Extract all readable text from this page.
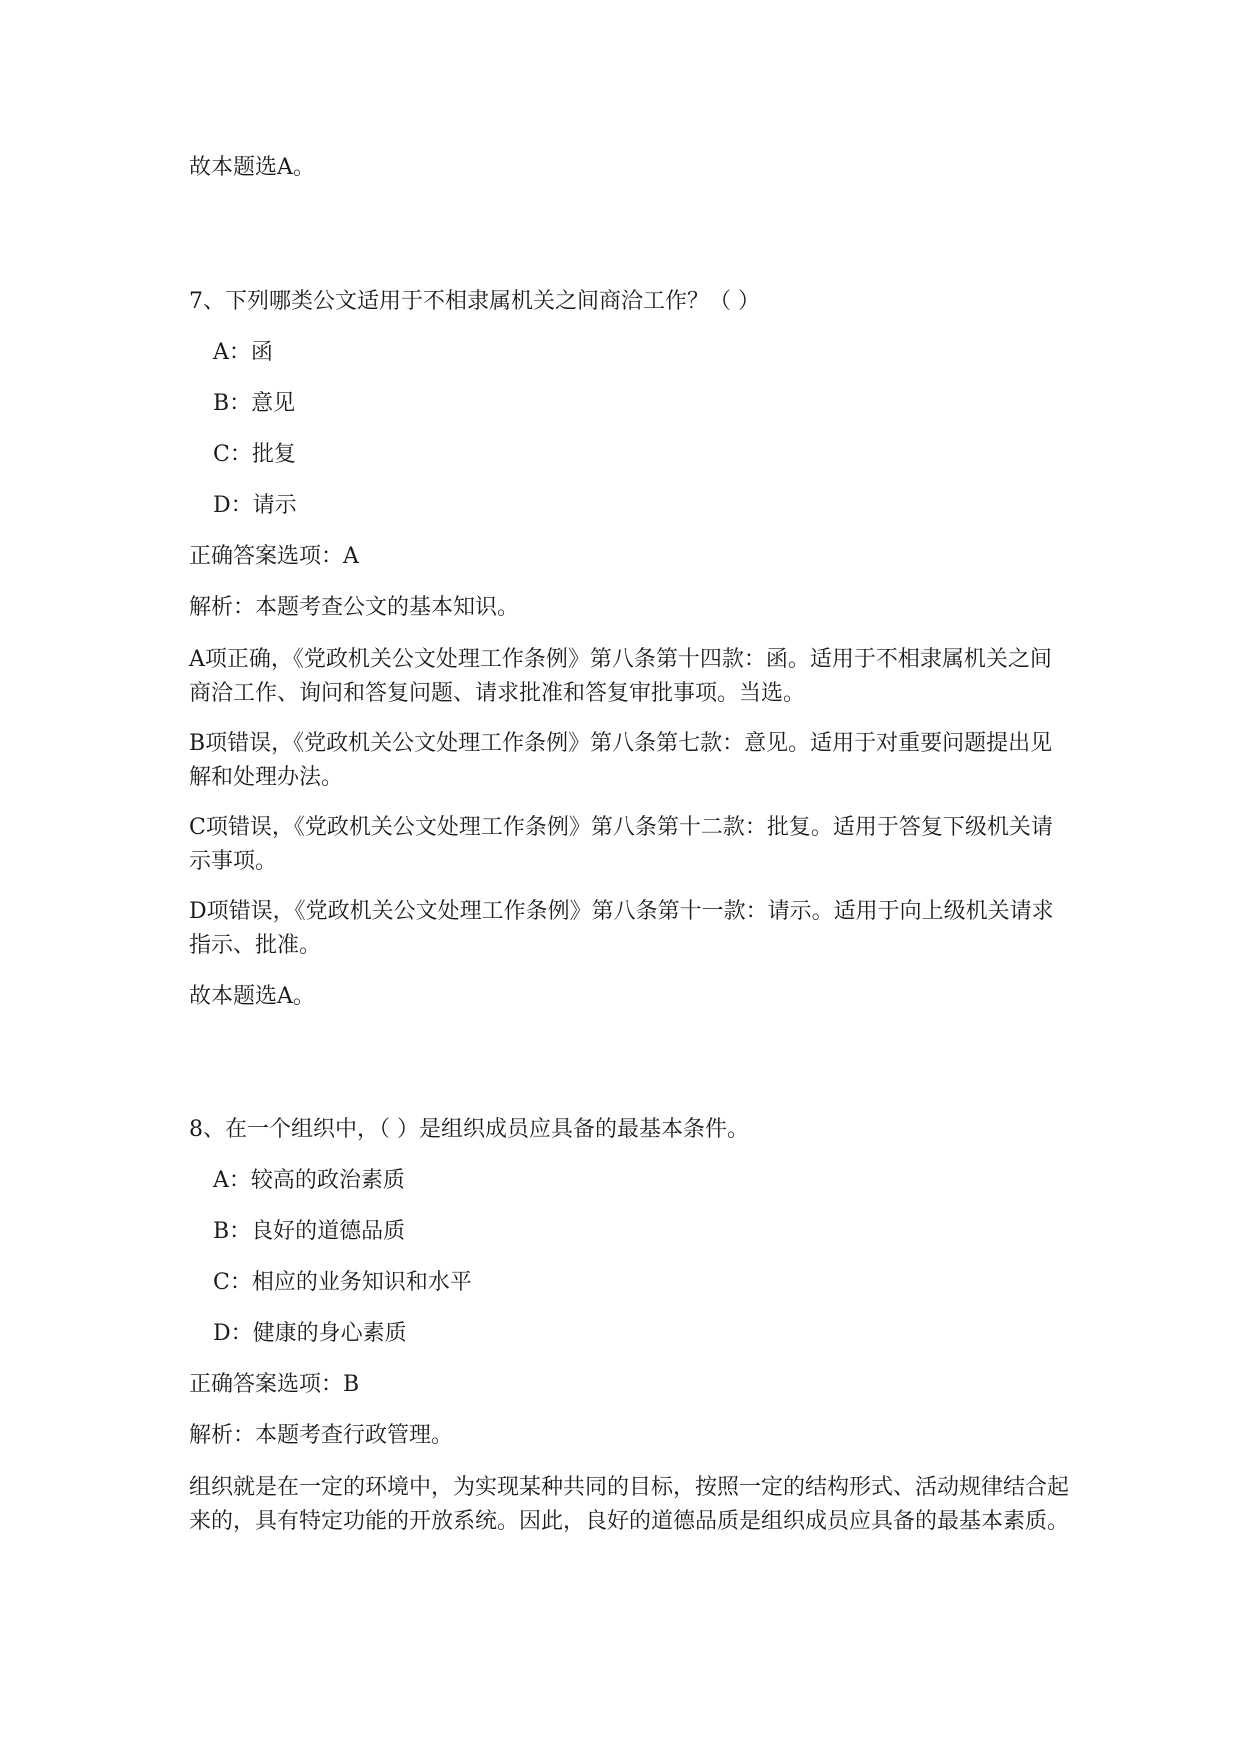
故本题选A。
7、下列哪类公文适用于不相隶属机关之间商洽工作？（ ）
A：函
B：意见
C：批复
D：请示
正确答案选项：A
解析：本题考查公文的基本知识。
A项正确，《党政机关公文处理工作条例》第八条第十四款：函。适用于不相隶属机关之间商洽工作、询问和答复问题、请求批准和答复审批事项。当选。
B项错误，《党政机关公文处理工作条例》第八条第七款：意见。适用于对重要问题提出见解和处理办法。
C项错误，《党政机关公文处理工作条例》第八条第十二款：批复。适用于答复下级机关请示事项。
D项错误，《党政机关公文处理工作条例》第八条第十一款：请示。适用于向上级机关请求指示、批准。
故本题选A。
8、在一个组织中，（ ）是组织成员应具备的最基本条件。
A：较高的政治素质
B：良好的道德品质
C：相应的业务知识和水平
D：健康的身心素质
正确答案选项：B
解析：本题考查行政管理。
组织就是在一定的环境中，为实现某种共同的目标，按照一定的结构形式、活动规律结合起来的，具有特定功能的开放系统。因此，良好的道德品质是组织成员应具备的最基本素质。
